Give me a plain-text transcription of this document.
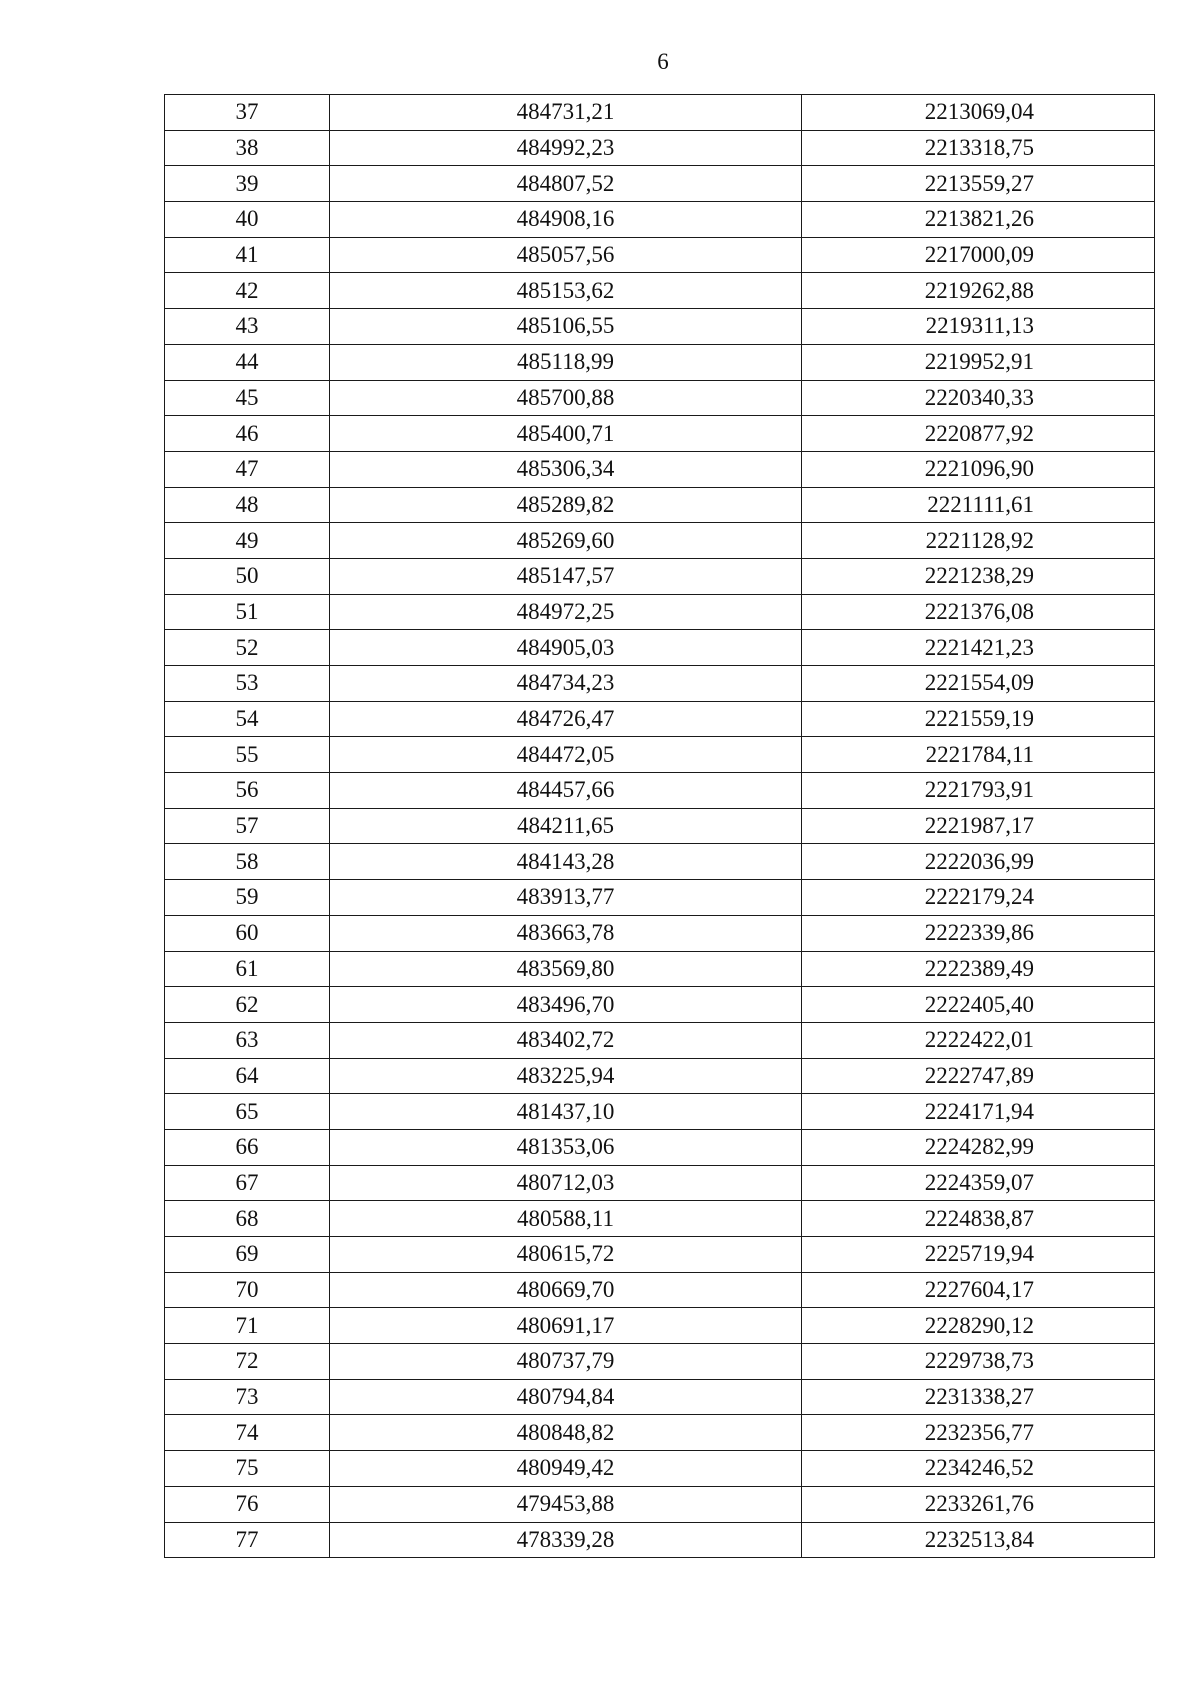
6
37	484731,21	2213069,04
38	484992,23	2213318,75
39	484807,52	2213559,27
40	484908,16	2213821,26
41	485057,56	2217000,09
42	485153,62	2219262,88
43	485106,55	2219311,13
44	485118,99	2219952,91
45	485700,88	2220340,33
46	485400,71	2220877,92
47	485306,34	2221096,90
48	485289,82	2221111,61
49	485269,60	2221128,92
50	485147,57	2221238,29
51	484972,25	2221376,08
52	484905,03	2221421,23
53	484734,23	2221554,09
54	484726,47	2221559,19
55	484472,05	2221784,11
56	484457,66	2221793,91
57	484211,65	2221987,17
58	484143,28	2222036,99
59	483913,77	2222179,24
60	483663,78	2222339,86
61	483569,80	2222389,49
62	483496,70	2222405,40
63	483402,72	2222422,01
64	483225,94	2222747,89
65	481437,10	2224171,94
66	481353,06	2224282,99
67	480712,03	2224359,07
68	480588,11	2224838,87
69	480615,72	2225719,94
70	480669,70	2227604,17
71	480691,17	2228290,12
72	480737,79	2229738,73
73	480794,84	2231338,27
74	480848,82	2232356,77
75	480949,42	2234246,52
76	479453,88	2233261,76
77	478339,28	2232513,84
